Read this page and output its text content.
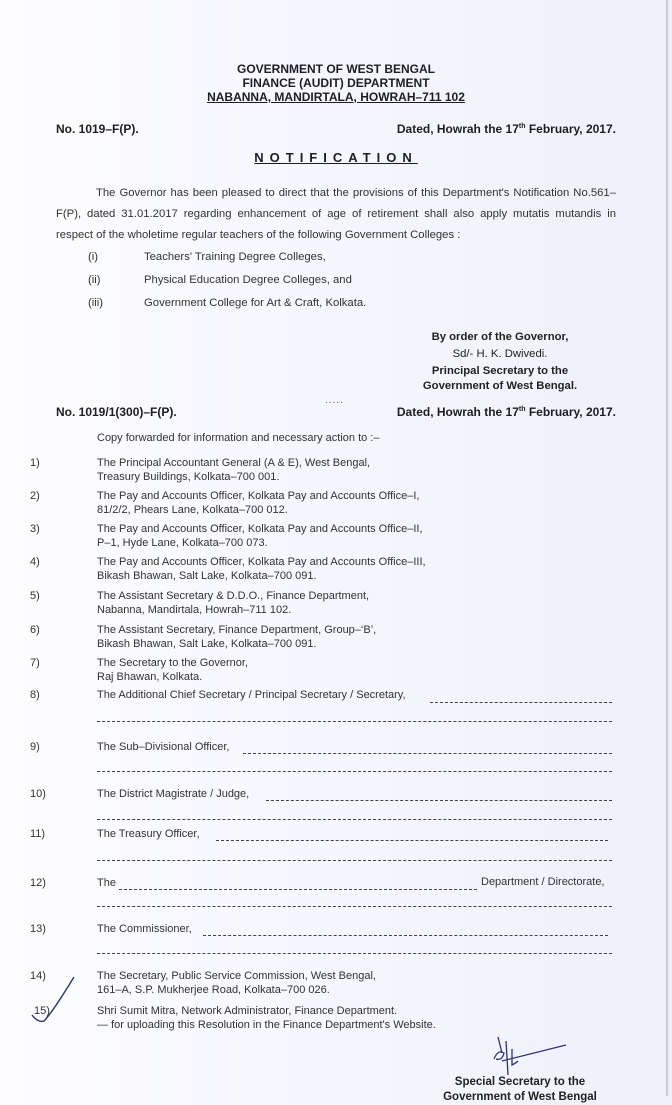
GOVERNMENT OF WEST BENGAL
FINANCE (AUDIT) DEPARTMENT
NABANNA, MANDIRTALA, HOWRAH–711 102
No. 1019–F(P).	Dated, Howrah the 17th February, 2017.
NOTIFICATION
The Governor has been pleased to direct that the provisions of this Department's Notification No.561–F(P), dated 31.01.2017 regarding enhancement of age of retirement shall also apply mutatis mutandis in respect of the wholetime regular teachers of the following Government Colleges :
(i)	Teachers' Training Degree Colleges,
(ii)	Physical Education Degree Colleges, and
(iii)	Government College for Art & Craft, Kolkata.
By order of the Governor,
Sd/- H. K. Dwivedi.
Principal Secretary to the
Government of West Bengal.
.....
No. 1019/1(300)–F(P).	Dated, Howrah the 17th February, 2017.
Copy forwarded for information and necessary action to :–
1)	The Principal Accountant General (A & E), West Bengal,
Treasury Buildings, Kolkata–700 001.
2)	The Pay and Accounts Officer, Kolkata Pay and Accounts Office–I,
81/2/2, Phears Lane, Kolkata–700 012.
3)	The Pay and Accounts Officer, Kolkata Pay and Accounts Office–II,
P–1, Hyde Lane, Kolkata–700 073.
4)	The Pay and Accounts Officer, Kolkata Pay and Accounts Office–III,
Bikash Bhawan, Salt Lake, Kolkata–700 091.
5)	The Assistant Secretary & D.D.O., Finance Department,
Nabanna, Mandirtala, Howrah–711 102.
6)	The Assistant Secretary, Finance Department, Group–‘B’,
Bikash Bhawan, Salt Lake, Kolkata–700 091.
7)	The Secretary to the Governor,
Raj Bhawan, Kolkata.
8)	The Additional Chief Secretary / Principal Secretary / Secretary,
9)	The Sub–Divisional Officer,
10)	The District Magistrate / Judge,
11)	The Treasury Officer,
12)	The	Department / Directorate,
13)	The Commissioner,
14)	The Secretary, Public Service Commission, West Bengal,
161–A, S.P. Mukherjee Road, Kolkata–700 026.
15)	Shri Sumit Mitra, Network Administrator, Finance Department.
— for uploading this Resolution in the Finance Department's Website.
Special Secretary to the
Government of West Bengal
